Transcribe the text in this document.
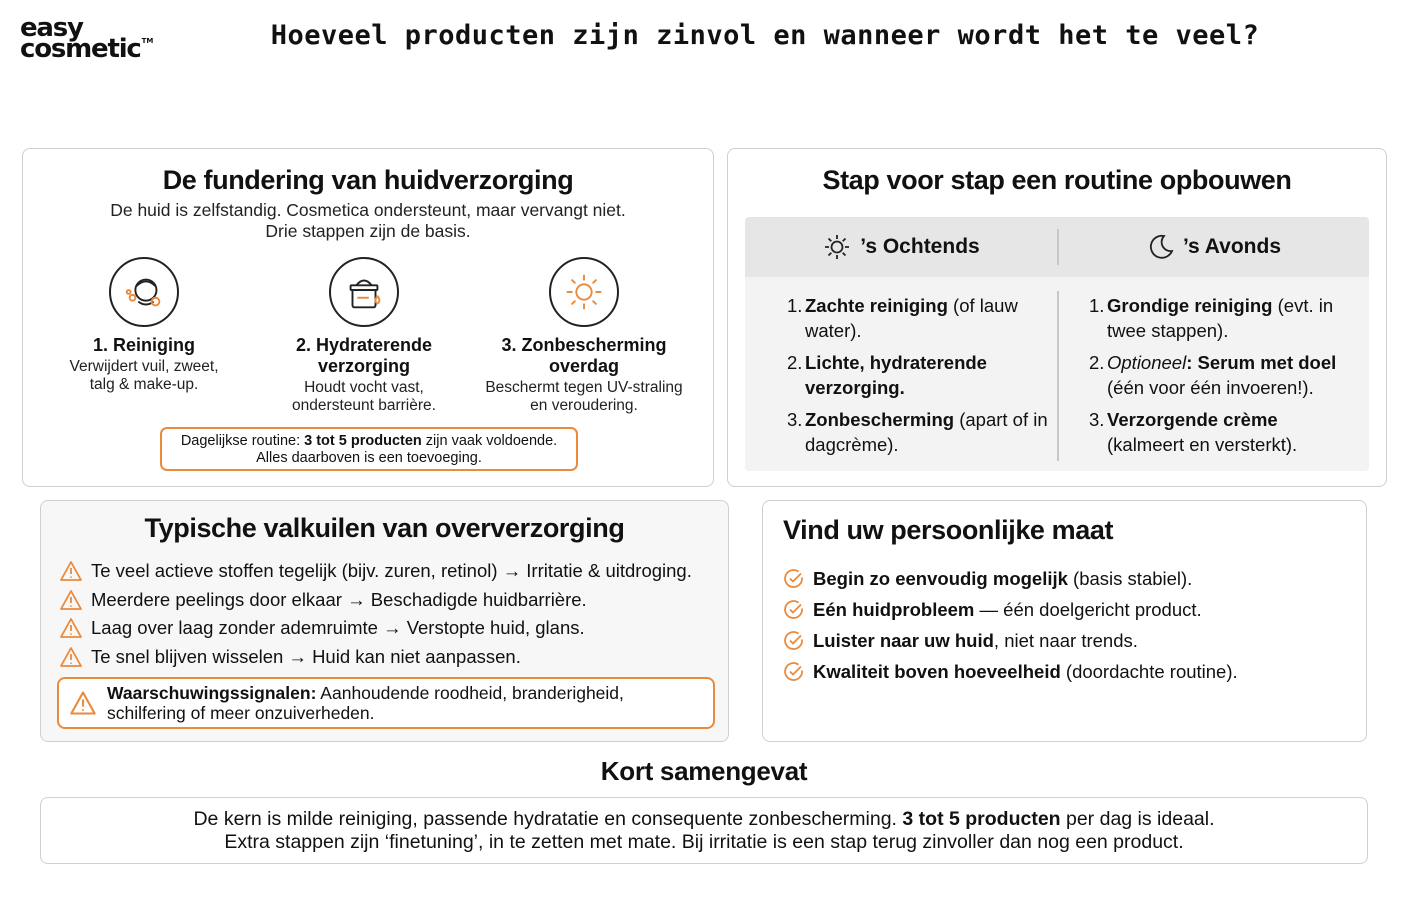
easy
cosmetic™	Hoeveel producten zijn zinvol en wanneer wordt het te veel?
De fundering van huidverzorging
De huid is zelfstandig. Cosmetica ondersteunt, maar vervangt niet.
Drie stappen zijn de basis.
1. Reiniging
Verwijdert vuil, zweet,
talg & make-up.
2. Hydraterende
verzorging
Houdt vocht vast,
ondersteunt barrière.
3. Zonbescherming
overdag
Beschermt tegen UV-straling
en veroudering.
Dagelijkse routine: 3 tot 5 producten zijn vaak voldoende.
Alles daarboven is een toevoeging.
Stap voor stap een routine opbouwen
’s Ochtends	’s Avonds
1. Zachte reiniging (of lauw water).
2. Lichte, hydraterende verzorging.
3. Zonbescherming (apart of in dagcrème).
1. Grondige reiniging (evt. in twee stappen).
2. Optioneel: Serum met doel (één voor één invoeren!).
3. Verzorgende crème (kalmeert en versterkt).
Typische valkuilen van oververzorging
Te veel actieve stoffen tegelijk (bijv. zuren, retinol) → Irritatie & uitdroging.
Meerdere peelings door elkaar → Beschadigde huidbarrière.
Laag over laag zonder ademruimte → Verstopte huid, glans.
Te snel blijven wisselen → Huid kan niet aanpassen.
Waarschuwingssignalen: Aanhoudende roodheid, branderigheid,
schilfering of meer onzuiverheden.
Vind uw persoonlijke maat
Begin zo eenvoudig mogelijk (basis stabiel).
Eén huidprobleem — één doelgericht product.
Luister naar uw huid, niet naar trends.
Kwaliteit boven hoeveelheid (doordachte routine).
Kort samengevat
De kern is milde reiniging, passende hydratatie en consequente zonbescherming. 3 tot 5 producten per dag is ideaal.
Extra stappen zijn ‘finetuning’, in te zetten met mate. Bij irritatie is een stap terug zinvoller dan nog een product.
